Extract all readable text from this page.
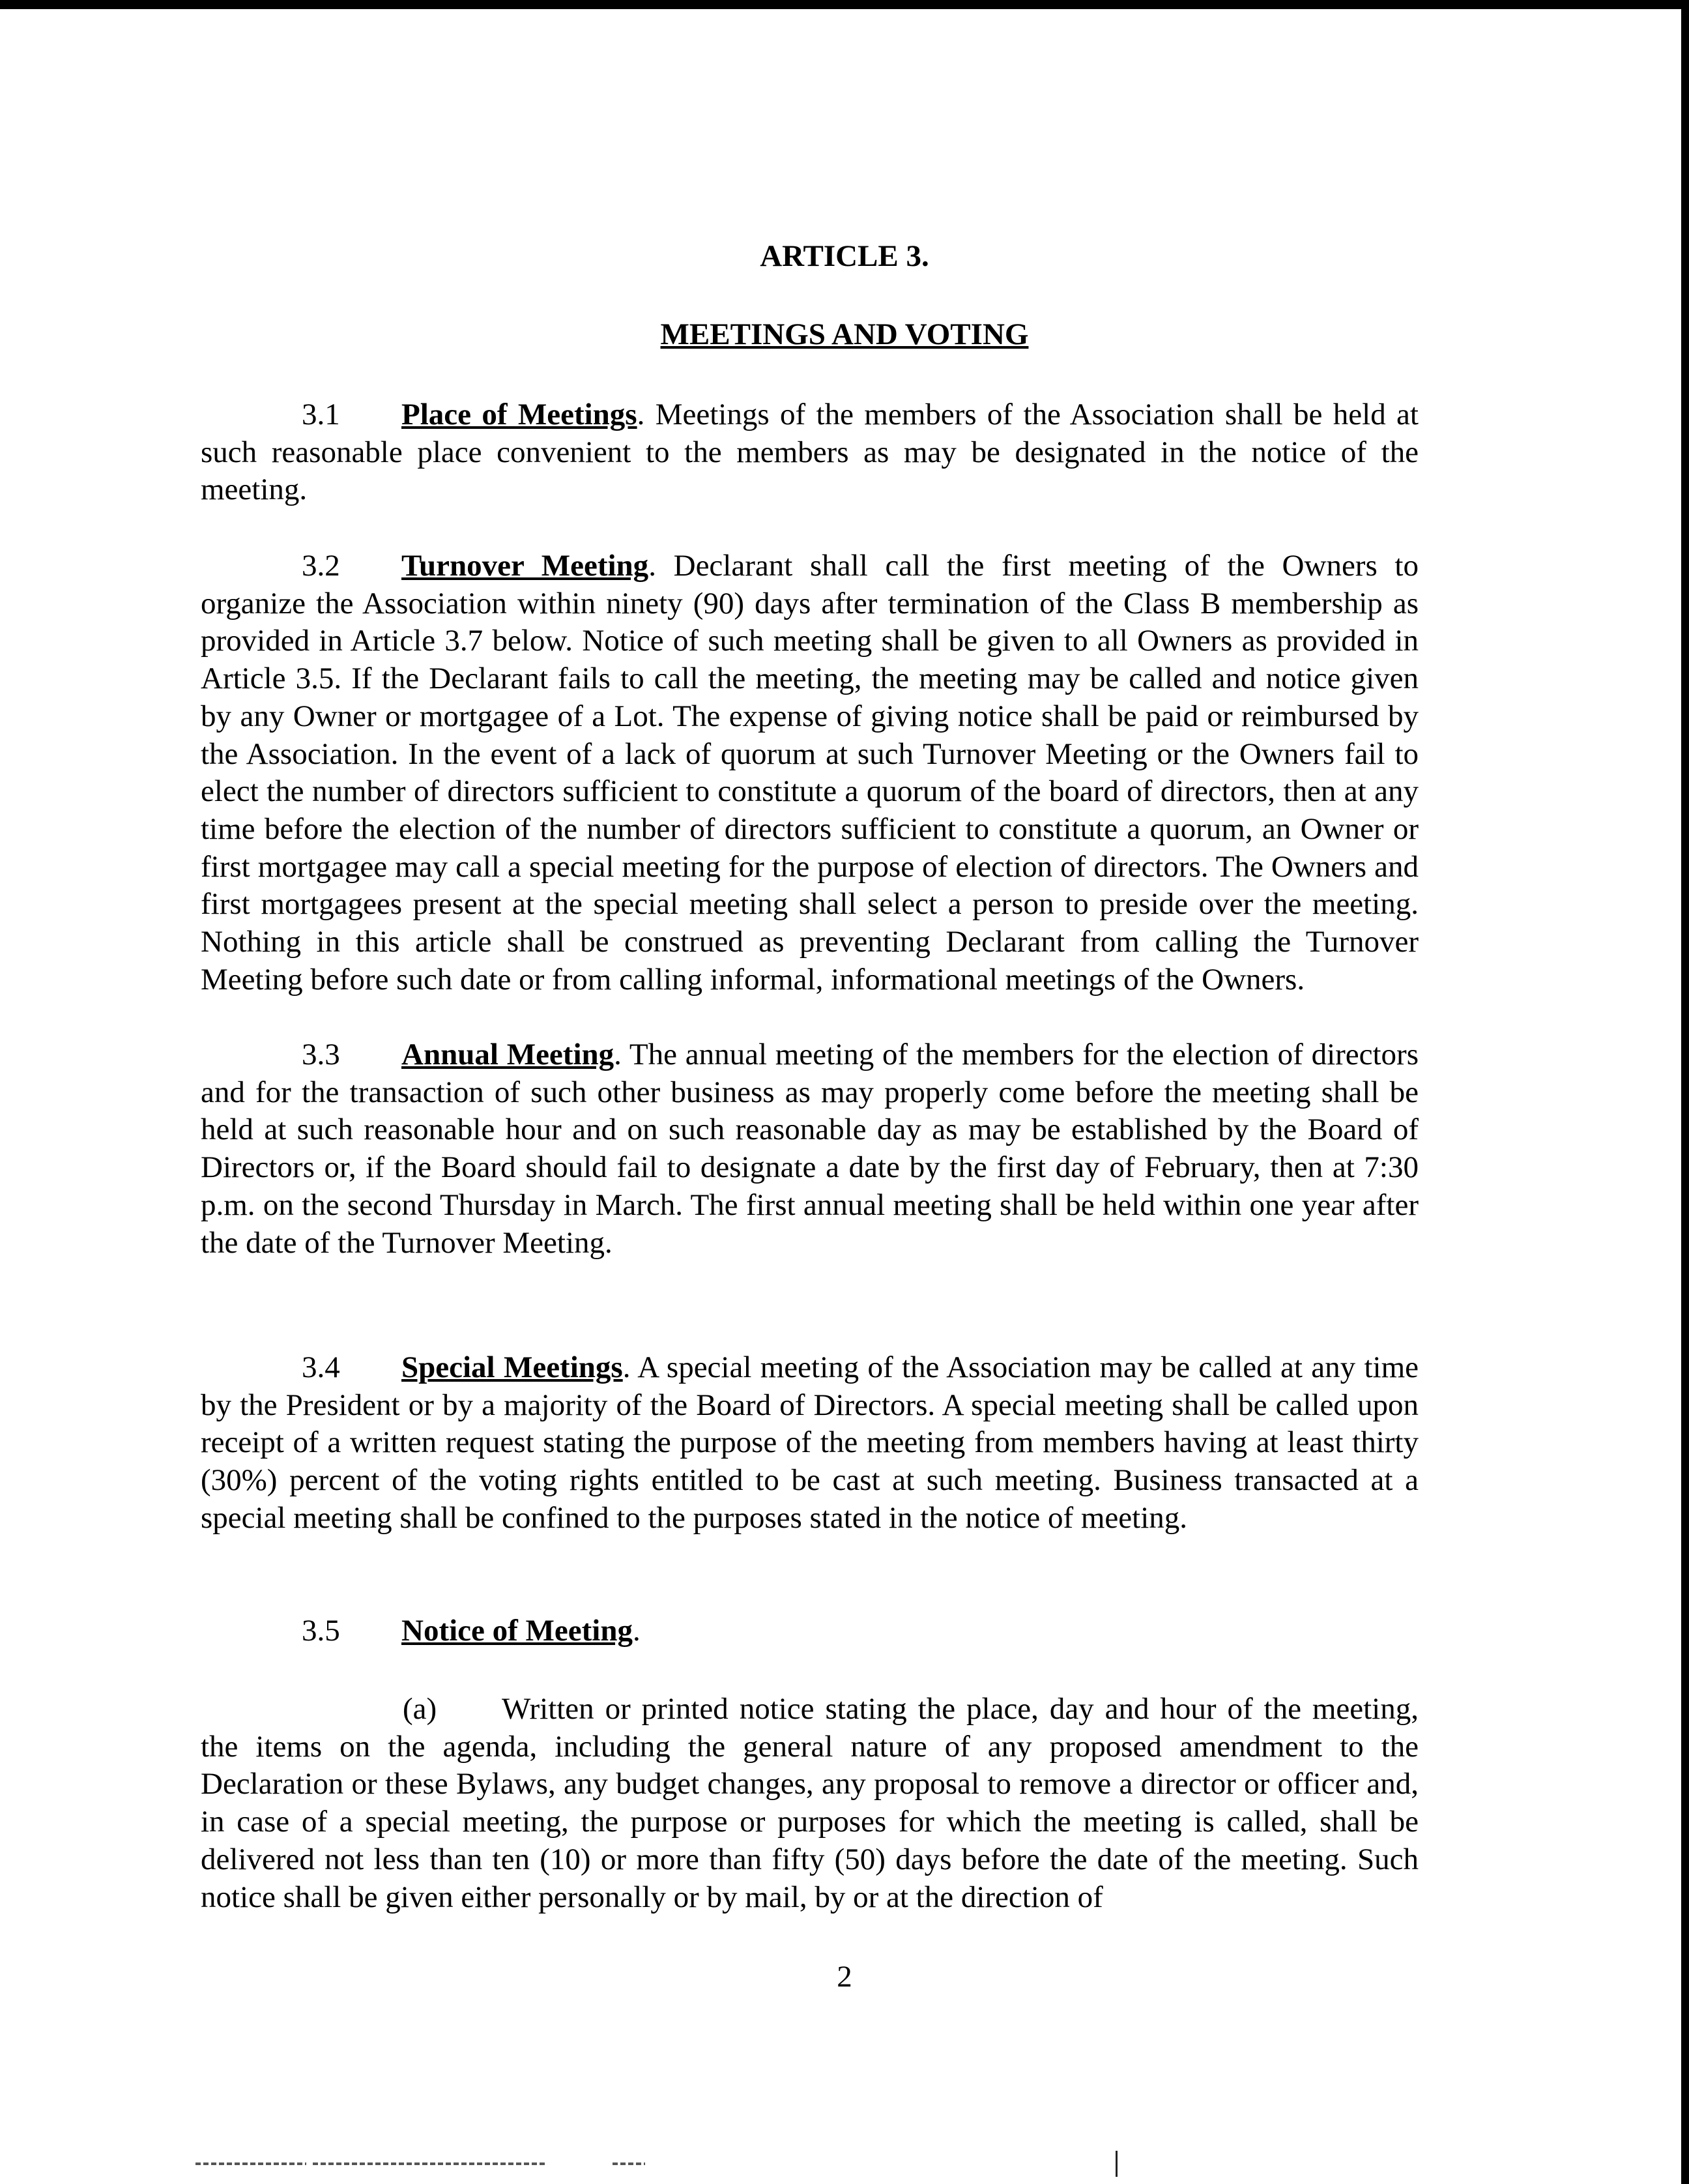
ARTICLE 3.
MEETINGS AND VOTING

3.1 Place of Meetings. Meetings of the members of the Association shall be held at such reasonable place convenient to the members as may be designated in the notice of the meeting.

3.2 Turnover Meeting. Declarant shall call the first meeting of the Owners to organize the Association within ninety (90) days after termination of the Class B membership as provided in Article 3.7 below. Notice of such meeting shall be given to all Owners as provided in Article 3.5. If the Declarant fails to call the meeting, the meeting may be called and notice given by any Owner or mortgagee of a Lot. The expense of giving notice shall be paid or reimbursed by the Association. In the event of a lack of quorum at such Turnover Meeting or the Owners fail to elect the number of directors sufficient to constitute a quorum of the board of directors, then at any time before the election of the number of directors sufficient to constitute a quorum, an Owner or first mortgagee may call a special meeting for the purpose of election of directors. The Owners and first mortgagees present at the special meeting shall select a person to preside over the meeting. Nothing in this article shall be construed as preventing Declarant from calling the Turnover Meeting before such date or from calling informal, informational meetings of the Owners.

3.3 Annual Meeting. The annual meeting of the members for the election of directors and for the transaction of such other business as may properly come before the meeting shall be held at such reasonable hour and on such reasonable day as may be established by the Board of Directors or, if the Board should fail to designate a date by the first day of February, then at 7:30 p.m. on the second Thursday in March. The first annual meeting shall be held within one year after the date of the Turnover Meeting.

3.4 Special Meetings. A special meeting of the Association may be called at any time by the President or by a majority of the Board of Directors. A special meeting shall be called upon receipt of a written request stating the purpose of the meeting from members having at least thirty (30%) percent of the voting rights entitled to be cast at such meeting. Business transacted at a special meeting shall be confined to the purposes stated in the notice of meeting.

3.5 Notice of Meeting.

(a) Written or printed notice stating the place, day and hour of the meeting, the items on the agenda, including the general nature of any proposed amendment to the Declaration or these Bylaws, any budget changes, any proposal to remove a director or officer and, in case of a special meeting, the purpose or purposes for which the meeting is called, shall be delivered not less than ten (10) or more than fifty (50) days before the date of the meeting. Such notice shall be given either personally or by mail, by or at the direction of

2
